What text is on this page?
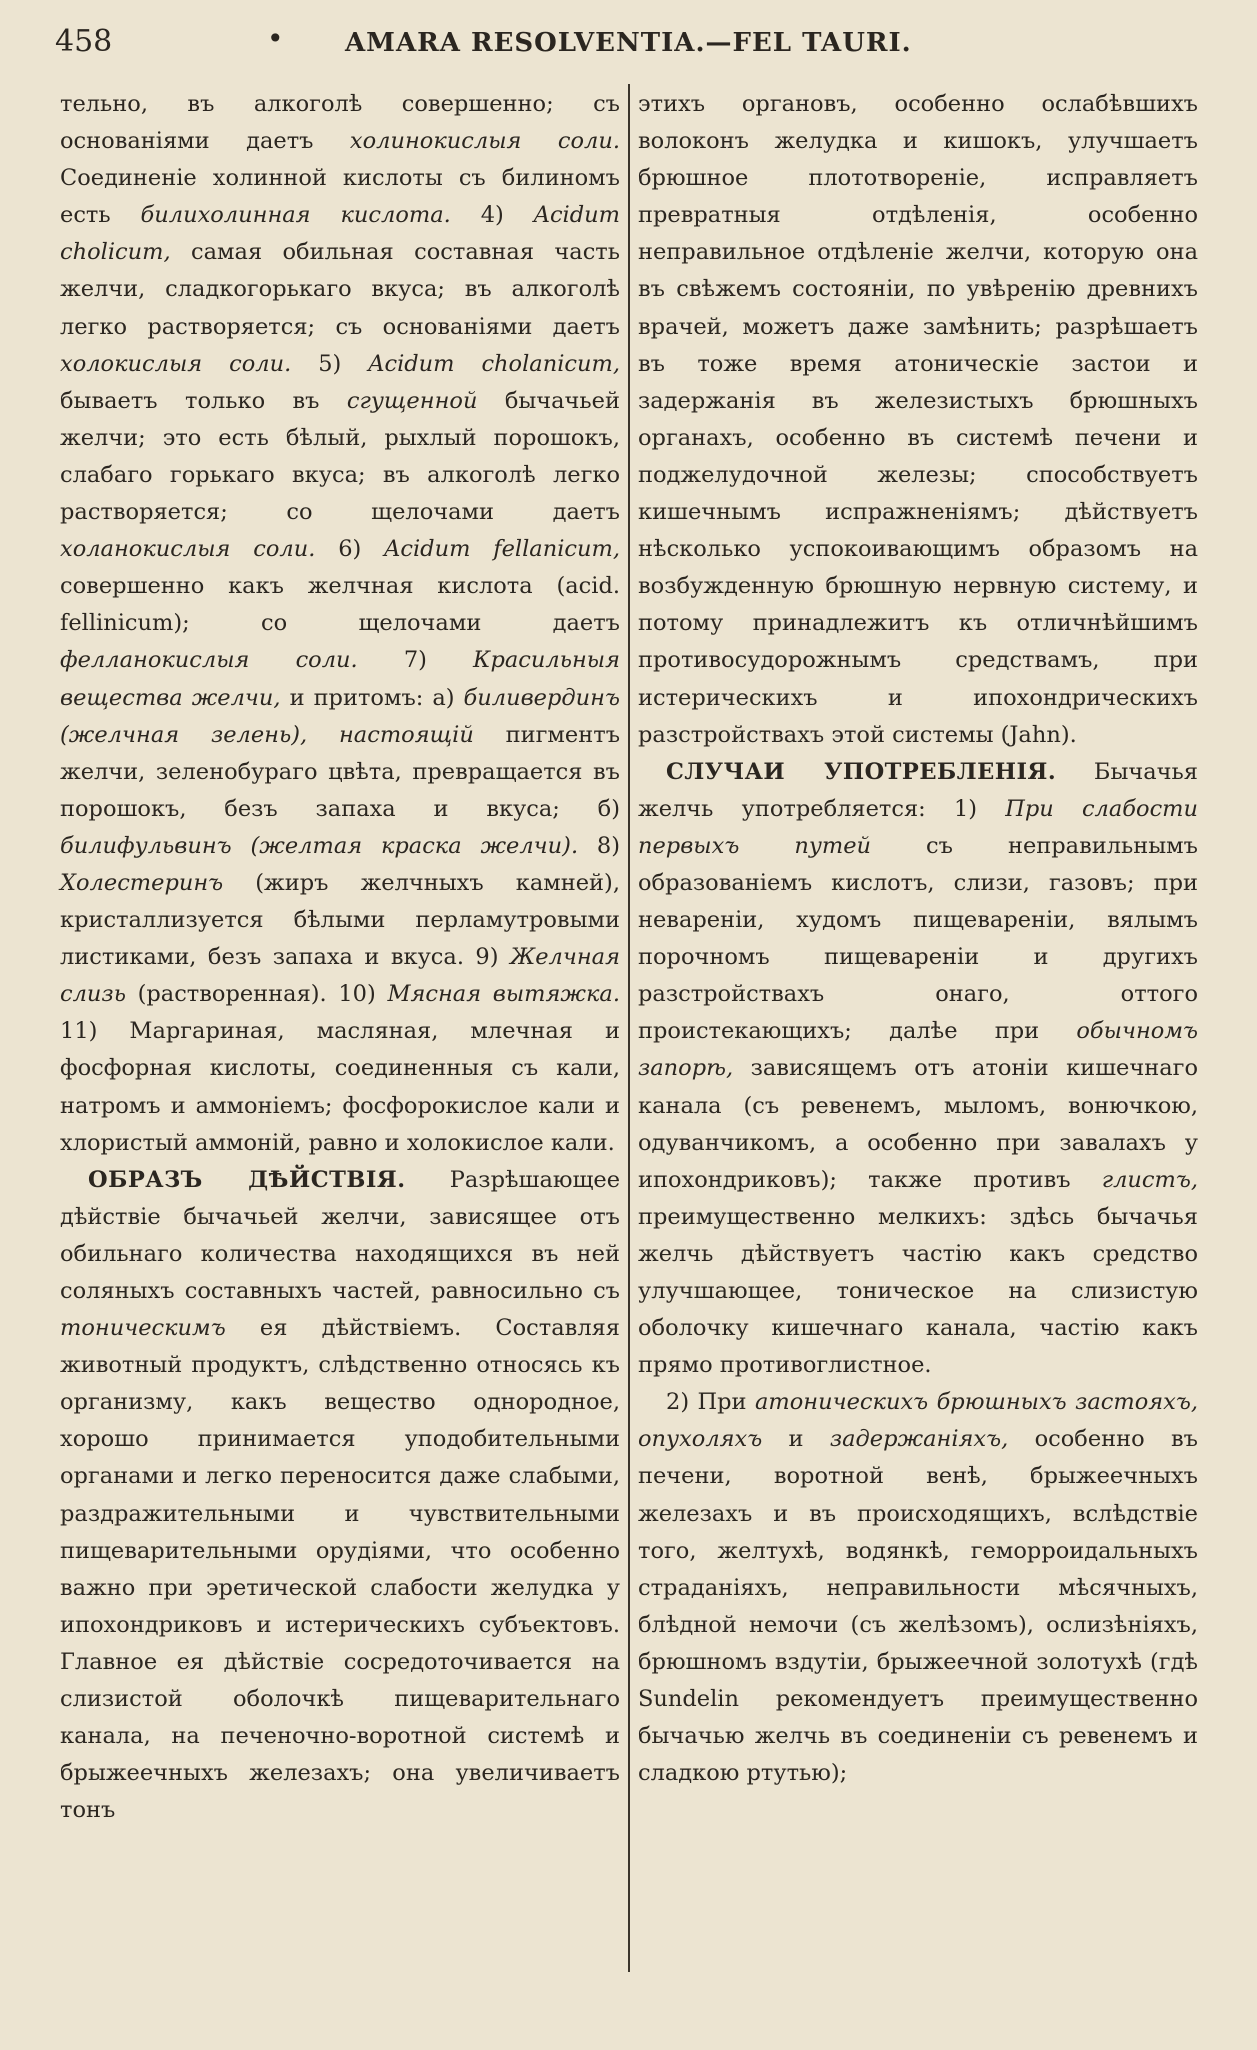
458	• AMARA RESOLVENTIA.—FEL TAURI.

тельно, въ алкоголѣ совершенно; съ основаніями даетъ холинокислыя соли. Соединеніе холинной кислоты съ билиномъ есть билихолинная кислота. 4) Acidum cholicum, самая обильная составная часть желчи, сладкогорькаго вкуса; въ алкоголѣ легко растворяется; съ основаніями даетъ холокислыя соли. 5) Acidum cholanicum, бываетъ только въ сгущенной бычачьей желчи; это есть бѣлый, рыхлый порошокъ, слабаго горькаго вкуса; въ алкоголѣ легко растворяется; со щелочами даетъ холанокислыя соли. 6) Acidum fellanicum, совершенно какъ желчная кислота (acid. fellinicum); со щелочами даетъ фелланокислыя соли. 7) Красильныя вещества желчи, и притомъ: а) биливердинъ (желчная зелень), настоящій пигментъ желчи, зеленобураго цвѣта, превращается въ порошокъ, безъ запаха и вкуса; б) билифульвинъ (желтая краска желчи). 8) Холестеринъ (жиръ желчныхъ камней), кристаллизуется бѣлыми перламутровыми листиками, безъ запаха и вкуса. 9) Желчная слизь (растворенная). 10) Мясная вытяжка. 11) Маргариная, масляная, млечная и фосфорная кислоты, соединенныя съ кали, натромъ и аммоніемъ; фосфорокислое кали и хлористый аммоній, равно и холокислое кали.

ОБРАЗЪ ДѢЙСТВІЯ. Разрѣшающее дѣйствіе бычачьей желчи, зависящее отъ обильнаго количества находящихся въ ней соляныхъ составныхъ частей, равносильно съ тоническимъ ея дѣйствіемъ. Составляя животный продуктъ, слѣдственно относясь къ организму, какъ вещество однородное, хорошо принимается уподобительными органами и легко переносится даже слабыми, раздражительными и чувствительными пищеварительными орудіями, что особенно важно при эретической слабости желудка у ипохондриковъ и истерическихъ субъектовъ. Главное ея дѣйствіе сосредоточивается на слизистой оболочкѣ пищеварительнаго канала, на печеночно-воротной системѣ и брыжеечныхъ железахъ; она увеличиваетъ тонъ

этихъ органовъ, особенно ослабѣвшихъ волоконъ желудка и кишокъ, улучшаетъ брюшное плототвореніе, исправляетъ превратныя отдѣленія, особенно неправильное отдѣленіе желчи, которую она въ свѣжемъ состояніи, по увѣренію древнихъ врачей, можетъ даже замѣнить; разрѣшаетъ въ тоже время атоническіе застои и задержанія въ железистыхъ брюшныхъ органахъ, особенно въ системѣ печени и поджелудочной железы; способствуетъ кишечнымъ испражненіямъ; дѣйствуетъ нѣсколько успокоивающимъ образомъ на возбужденную брюшную нервную систему, и потому принадлежитъ къ отличнѣйшимъ противосудорожнымъ средствамъ, при истерическихъ и ипохондрическихъ разстройствахъ этой системы (Jahn).

СЛУЧАИ УПОТРЕБЛЕНІЯ. Бычачья желчь употребляется: 1) При слабости первыхъ путей съ неправильнымъ образованіемъ кислотъ, слизи, газовъ; при невареніи, худомъ пищевареніи, вялымъ порочномъ пищевареніи и другихъ разстройствахъ онаго, оттого проистекающихъ; далѣе при обычномъ запорѣ, зависящемъ отъ атоніи кишечнаго канала (съ ревенемъ, мыломъ, вонючкою, одуванчикомъ, а особенно при завалахъ у ипохондриковъ); также противъ глистъ, преимущественно мелкихъ: здѣсь бычачья желчь дѣйствуетъ частію какъ средство улучшающее, тоническое на слизистую оболочку кишечнаго канала, частію какъ прямо противоглистное.

2) При атоническихъ брюшныхъ застояхъ, опухоляхъ и задержаніяхъ, особенно въ печени, воротной венѣ, брыжеечныхъ железахъ и въ происходящихъ, вслѣдствіе того, желтухѣ, водянкѣ, геморроидальныхъ страданіяхъ, неправильности мѣсячныхъ, блѣдной немочи (съ желѣзомъ), ослизѣніяхъ, брюшномъ вздутіи, брыжеечной золотухѣ (гдѣ Sundelin рекомендуетъ преимущественно бычачью желчь въ соединеніи съ ревенемъ и сладкою ртутью);
